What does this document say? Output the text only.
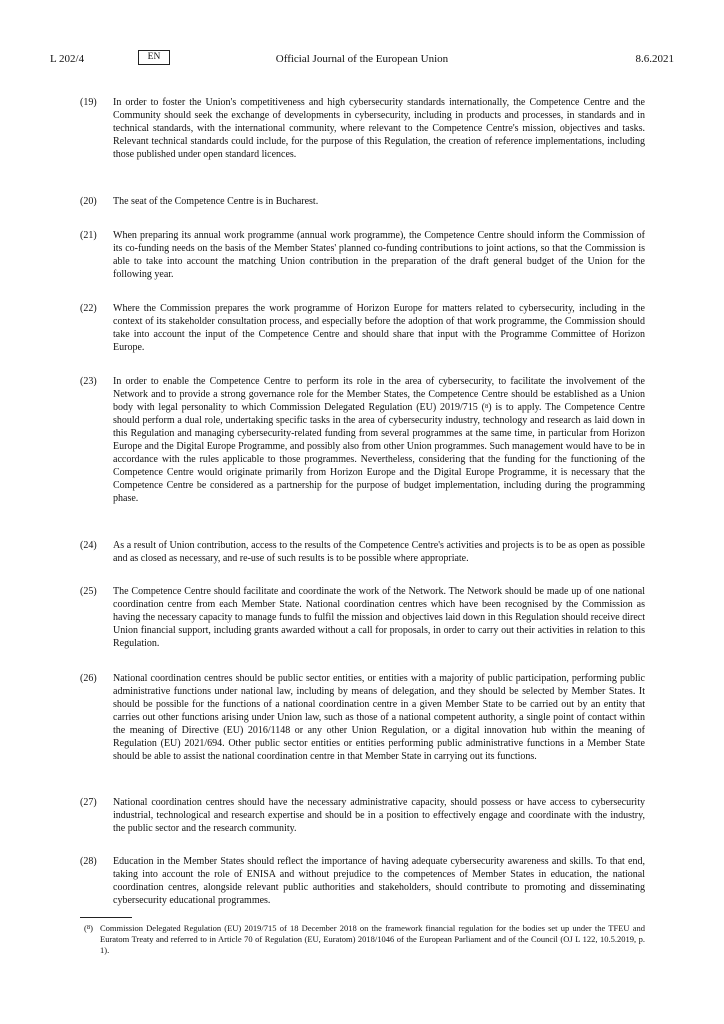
L 202/4	EN	Official Journal of the European Union	8.6.2021
(19)	In order to foster the Union's competitiveness and high cybersecurity standards internationally, the Competence Centre and the Community should seek the exchange of developments in cybersecurity, including in products and processes, in standards and in technical standards, with the international community, where relevant to the Competence Centre's mission, objectives and tasks. Relevant technical standards could include, for the purpose of this Regulation, the creation of reference implementations, including those published under open standard licences.
(20)	The seat of the Competence Centre is in Bucharest.
(21)	When preparing its annual work programme (annual work programme), the Competence Centre should inform the Commission of its co-funding needs on the basis of the Member States' planned co-funding contributions to joint actions, so that the Commission is able to take into account the matching Union contribution in the preparation of the draft general budget of the Union for the following year.
(22)	Where the Commission prepares the work programme of Horizon Europe for matters related to cybersecurity, including in the context of its stakeholder consultation process, and especially before the adoption of that work programme, the Commission should take into account the input of the Competence Centre and should share that input with the Programme Committee of Horizon Europe.
(23)	In order to enable the Competence Centre to perform its role in the area of cybersecurity, to facilitate the involvement of the Network and to provide a strong governance role for the Member States, the Competence Centre should be established as a Union body with legal personality to which Commission Delegated Regulation (EU) 2019/715 ($^8$) is to apply. The Competence Centre should perform a dual role, undertaking specific tasks in the area of cybersecurity industry, technology and research as laid down in this Regulation and managing cybersecurity-related funding from several programmes at the same time, in particular from Horizon Europe and the Digital Europe Programme, and possibly also from other Union programmes. Such management would have to be in accordance with the rules applicable to those programmes. Nevertheless, considering that the funding for the functioning of the Competence Centre would originate primarily from Horizon Europe and the Digital Europe Programme, it is necessary that the Competence Centre be considered as a partnership for the purpose of budget implementation, including during the programming phase.
(24)	As a result of Union contribution, access to the results of the Competence Centre's activities and projects is to be as open as possible and as closed as necessary, and re-use of such results is to be possible where appropriate.
(25)	The Competence Centre should facilitate and coordinate the work of the Network. The Network should be made up of one national coordination centre from each Member State. National coordination centres which have been recognised by the Commission as having the necessary capacity to manage funds to fulfil the mission and objectives laid down in this Regulation should receive direct Union financial support, including grants awarded without a call for proposals, in order to carry out their activities in relation to this Regulation.
(26)	National coordination centres should be public sector entities, or entities with a majority of public participation, performing public administrative functions under national law, including by means of delegation, and they should be selected by Member States. It should be possible for the functions of a national coordination centre in a given Member State to be carried out by an entity that carries out other functions arising under Union law, such as those of a national competent authority, a single point of contact within the meaning of Directive (EU) 2016/1148 or any other Union Regulation, or a digital innovation hub within the meaning of Regulation (EU) 2021/694. Other public sector entities or entities performing public administrative functions in a Member State should be able to assist the national coordination centre in that Member State in carrying out its functions.
(27)	National coordination centres should have the necessary administrative capacity, should possess or have access to cybersecurity industrial, technological and research expertise and should be in a position to effectively engage and coordinate with the industry, the public sector and the research community.
(28)	Education in the Member States should reflect the importance of having adequate cybersecurity awareness and skills. To that end, taking into account the role of ENISA and without prejudice to the competences of Member States in education, the national coordination centres, alongside relevant public authorities and stakeholders, should contribute to promoting and disseminating cybersecurity educational programmes.
($^8$) Commission Delegated Regulation (EU) 2019/715 of 18 December 2018 on the framework financial regulation for the bodies set up under the TFEU and Euratom Treaty and referred to in Article 70 of Regulation (EU, Euratom) 2018/1046 of the European Parliament and of the Council (OJ L 122, 10.5.2019, p. 1).
